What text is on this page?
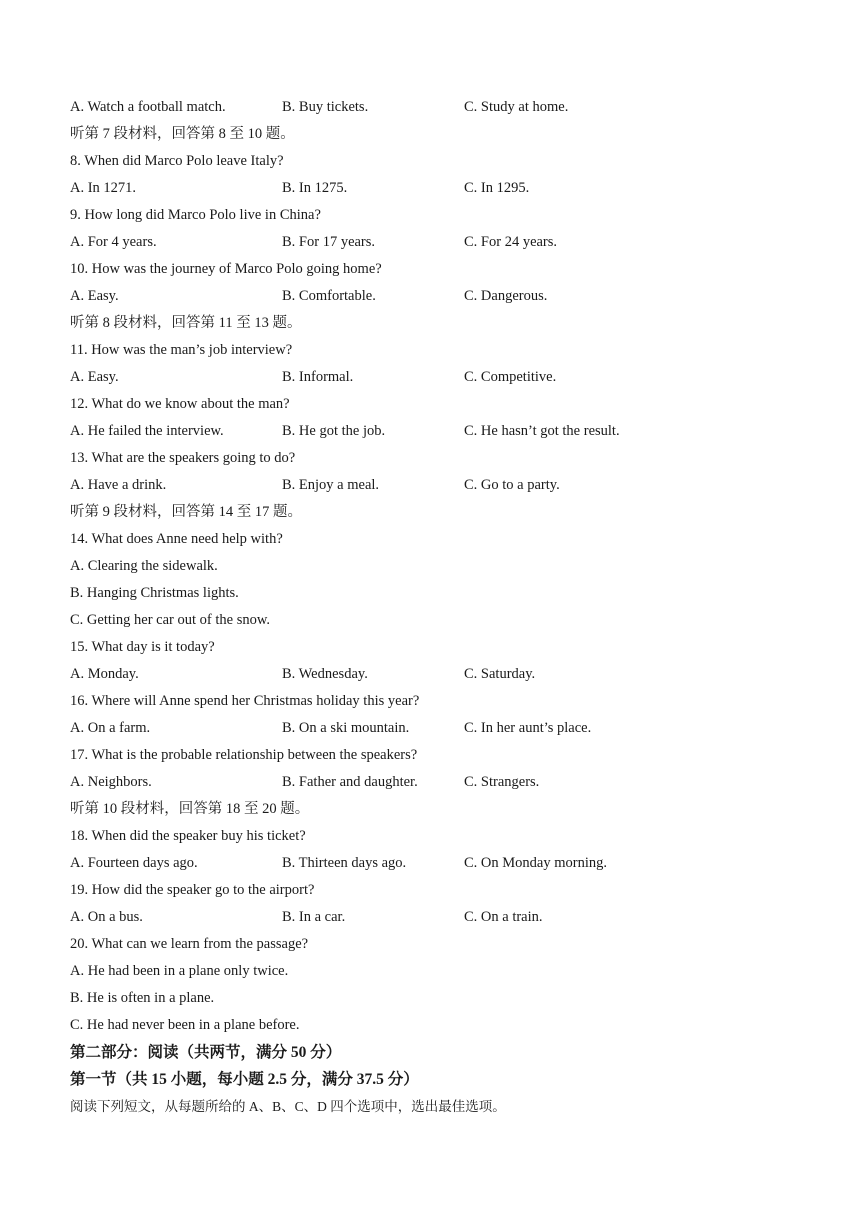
A. Watch a football match.	B. Buy tickets.	C. Study at home.
听第 7 段材料，回答第 8 至 10 题。
8. When did Marco Polo leave Italy?
A. In 1271.	B. In 1275.	C. In 1295.
9. How long did Marco Polo live in China?
A. For 4 years.	B. For 17 years.	C. For 24 years.
10. How was the journey of Marco Polo going home?
A. Easy.	B. Comfortable.	C. Dangerous.
听第 8 段材料，回答第 11 至 13 题。
11. How was the man’s job interview?
A. Easy.	B. Informal.	C. Competitive.
12. What do we know about the man?
A. He failed the interview.	B. He got the job.	C. He hasn’t got the result.
13. What are the speakers going to do?
A. Have a drink.	B. Enjoy a meal.	C. Go to a party.
听第 9 段材料，回答第 14 至 17 题。
14. What does Anne need help with?
A. Clearing the sidewalk.
B. Hanging Christmas lights.
C. Getting her car out of the snow.
15. What day is it today?
A. Monday.	B. Wednesday.	C. Saturday.
16. Where will Anne spend her Christmas holiday this year?
A. On a farm.	B. On a ski mountain.	C. In her aunt’s place.
17. What is the probable relationship between the speakers?
A. Neighbors.	B. Father and daughter.	C. Strangers.
听第 10 段材料，回答第 18 至 20 题。
18. When did the speaker buy his ticket?
A. Fourteen days ago.	B. Thirteen days ago.	C. On Monday morning.
19. How did the speaker go to the airport?
A. On a bus.	B. In a car.	C. On a train.
20. What can we learn from the passage?
A. He had been in a plane only twice.
B. He is often in a plane.
C. He had never been in a plane before.
第二部分：阅读（共两节，满分 50 分）
第一节（共 15 小题，每小题 2.5 分，满分 37.5 分）
阅读下列短文，从每题所给的 A、B、C、D 四个选项中，选出最佳选项。
